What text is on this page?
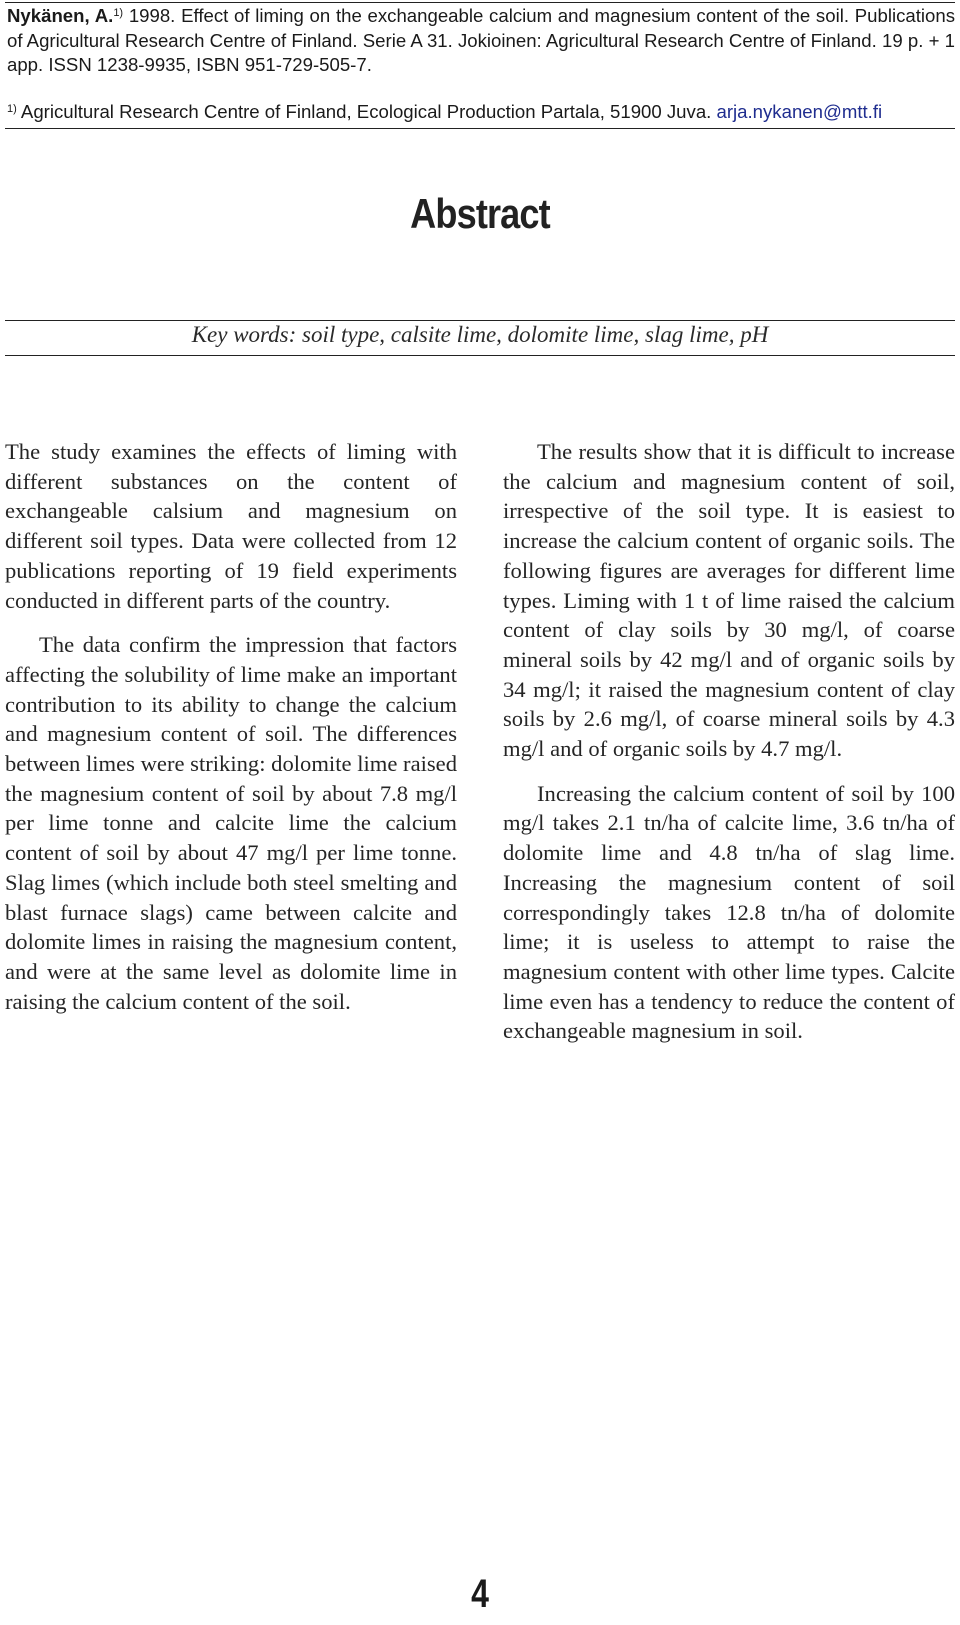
Nykänen, A.$^{1)}$ 1998. Effect of liming on the exchangeable calcium and magnesium content of the soil. Publications of Agricultural Research Centre of Finland. Serie A 31. Jokioinen: Agricultural Research Centre of Finland. 19 p. + 1 app. ISSN 1238-9935, ISBN 951-729-505-7.
$^{1)}$ Agricultural Research Centre of Finland, Ecological Production Partala, 51900 Juva. arja.nykanen@mtt.fi
Abstract
Key words: soil type, calsite lime, dolomite lime, slag lime, pH

The study examines the effects of liming with different substances on the content of exchangeable calsium and magnesium on different soil types. Data were collected from 12 publications reporting of 19 field experiments conducted in different parts of the country.

The data confirm the impression that factors affecting the solubility of lime make an important contribution to its ability to change the calcium and magnesium content of soil. The differences between limes were striking: dolomite lime raised the magnesium content of soil by about 7.8 mg/l per lime tonne and calcite lime the calcium content of soil by about 47 mg/l per lime tonne. Slag limes (which include both steel smelting and blast furnace slags) came between calcite and dolomite limes in raising the magnesium content, and were at the same level as dolomite lime in raising the calcium content of the soil.

The results show that it is difficult to increase the calcium and magnesium content of soil, irrespective of the soil type. It is easiest to increase the calcium content of organic soils. The following figures are averages for different lime types. Liming with 1 t of lime raised the calcium content of clay soils by 30 mg/l, of coarse mineral soils by 42 mg/l and of organic soils by 34 mg/l; it raised the magnesium content of clay soils by 2.6 mg/l, of coarse mineral soils by 4.3 mg/l and of organic soils by 4.7 mg/l.

Increasing the calcium content of soil by 100 mg/l takes 2.1 tn/ha of calcite lime, 3.6 tn/ha of dolomite lime and 4.8 tn/ha of slag lime. Increasing the magnesium content of soil correspondingly takes 12.8 tn/ha of dolomite lime; it is useless to attempt to raise the magnesium content with other lime types. Calcite lime even has a tendency to reduce the content of exchangeable magnesium in soil.

4
